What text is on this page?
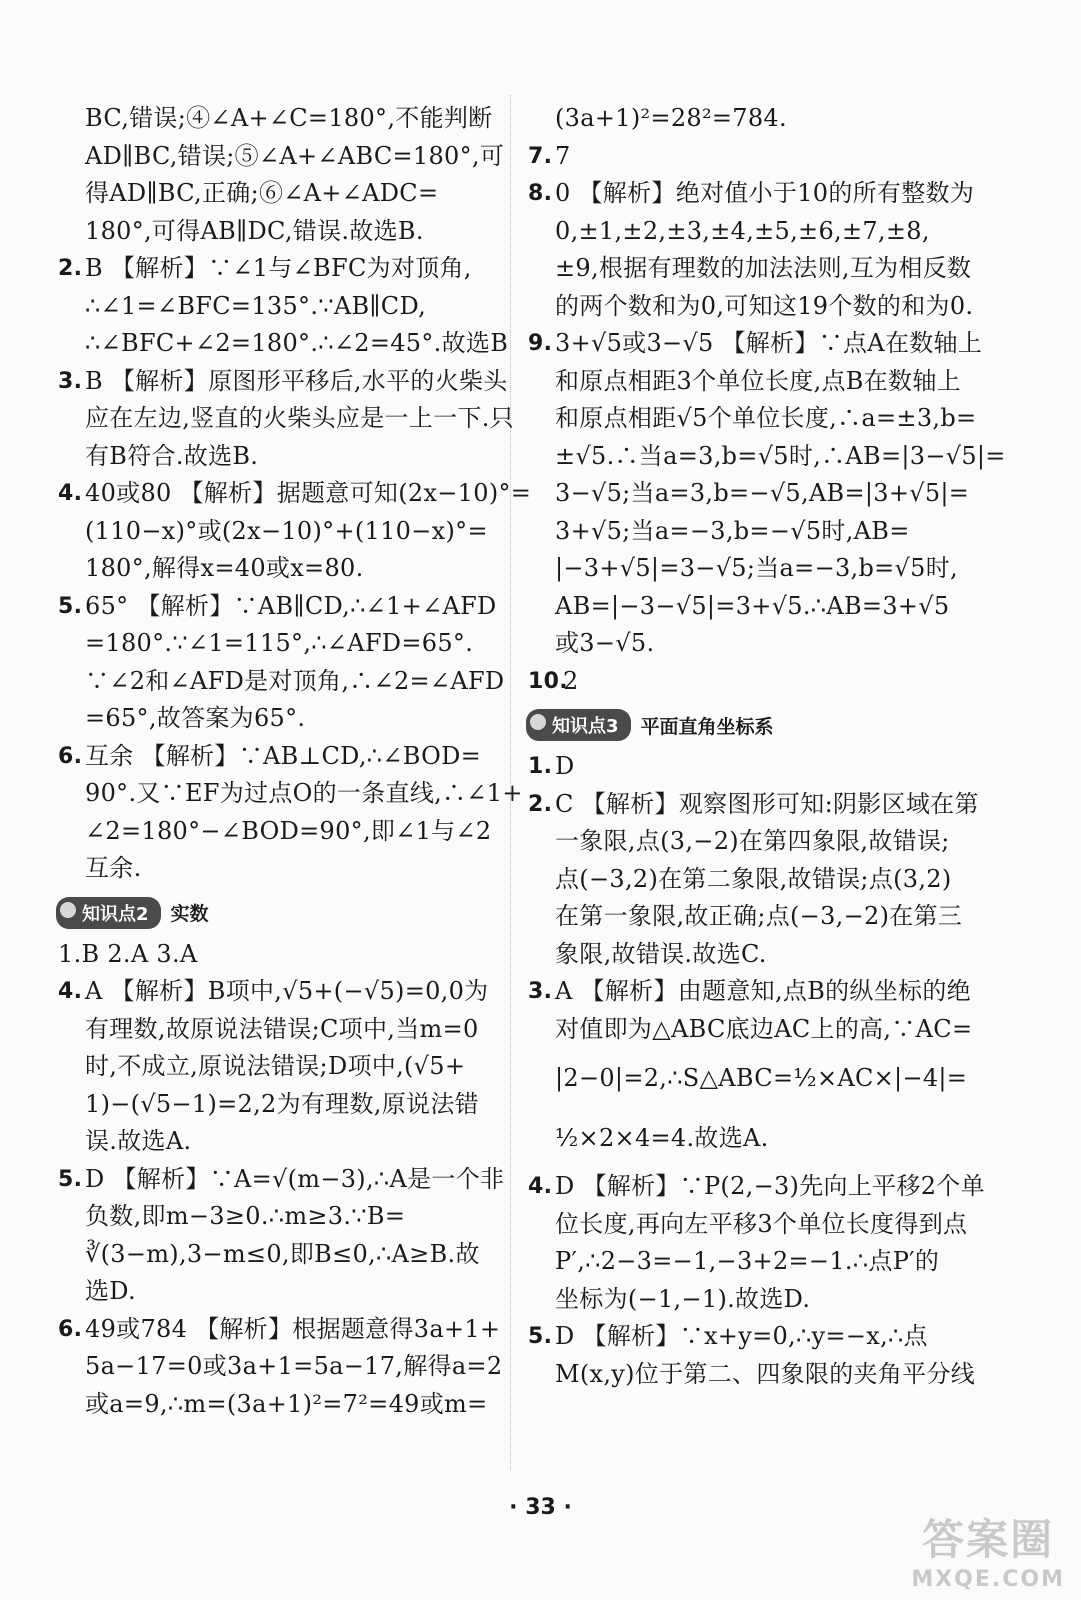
BC,错误;④∠A+∠C=180°,不能判断
AD∥BC,错误;⑤∠A+∠ABC=180°,可
得AD∥BC,正确;⑥∠A+∠ADC=
180°,可得AB∥DC,错误.故选B.
2. B 【解析】∵∠1与∠BFC为对顶角,
∴∠1=∠BFC=135°.∵AB∥CD,
∴∠BFC+∠2=180°.∴∠2=45°.故选B
3. B 【解析】原图形平移后,水平的火柴头
应在左边,竖直的火柴头应是一上一下.只
有B符合.故选B.
4. 40或80 【解析】据题意可知(2x−10)°=
(110−x)°或(2x−10)°+(110−x)°=
180°,解得x=40或x=80.
5. 65° 【解析】∵AB∥CD,∴∠1+∠AFD
=180°.∵∠1=115°,∴∠AFD=65°.
∵∠2和∠AFD是对顶角,∴∠2=∠AFD
=65°,故答案为65°.
6. 互余 【解析】∵AB⊥CD,∴∠BOD=
90°.又∵EF为过点O的一条直线,∴∠1+
∠2=180°−∠BOD=90°,即∠1与∠2
互余.
知识点2	实数
1.B 2.A 3.A
4. A 【解析】B项中,√5+(−√5)=0,0为
有理数,故原说法错误;C项中,当m=0
时,不成立,原说法错误;D项中,(√5+
1)−(√5−1)=2,2为有理数,原说法错
误.故选A.
5. D 【解析】∵A=√(m−3),∴A是一个非
负数,即m−3≥0.∴m≥3.∵B=
∛(3−m),3−m≤0,即B≤0,∴A≥B.故
选D.
6. 49或784 【解析】根据题意得3a+1+
5a−17=0或3a+1=5a−17,解得a=2
或a=9,∴m=(3a+1)²=7²=49或m=
(3a+1)²=28²=784.
7. 7
8. 0 【解析】绝对值小于10的所有整数为
0,±1,±2,±3,±4,±5,±6,±7,±8,
±9,根据有理数的加法法则,互为相反数
的两个数和为0,可知这19个数的和为0.
9. 3+√5或3−√5 【解析】∵点A在数轴上
和原点相距3个单位长度,点B在数轴上
和原点相距√5个单位长度,∴a=±3,b=
±√5.∴当a=3,b=√5时,∴AB=|3−√5|=
3−√5;当a=3,b=−√5,AB=|3+√5|=
3+√5;当a=−3,b=−√5时,AB=
|−3+√5|=3−√5;当a=−3,b=√5时,
AB=|−3−√5|=3+√5.∴AB=3+√5
或3−√5.
10.
2
知识点3	平面直角坐标系
1. D
2. C 【解析】观察图形可知:阴影区域在第
一象限,点(3,−2)在第四象限,故错误;
点(−3,2)在第二象限,故错误;点(3,2)
在第一象限,故正确;点(−3,−2)在第三
象限,故错误.故选C.
3. A 【解析】由题意知,点B的纵坐标的绝
对值即为△ABC底边AC上的高,∵AC=
|2−0|=2,∴S△ABC=½×AC×|−4|=
½×2×4=4.故选A.
4. D 【解析】∵P(2,−3)先向上平移2个单
位长度,再向左平移3个单位长度得到点
P′,∴2−3=−1,−3+2=−1.∴点P′的
坐标为(−1,−1).故选D.
5. D 【解析】∵x+y=0,∴y=−x,∴点
M(x,y)位于第二、四象限的夹角平分线
· 33 ·
答案圈
MXQE.COM
